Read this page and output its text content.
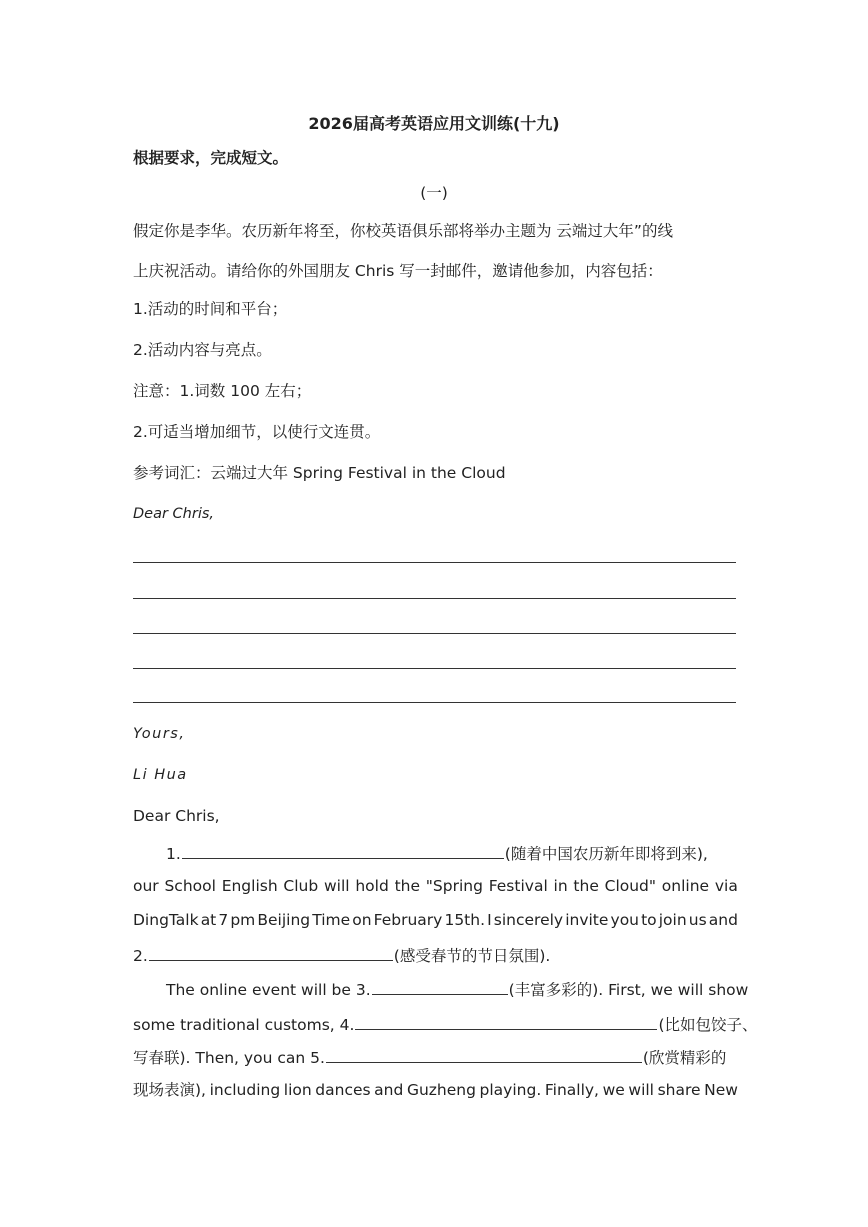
2026届高考英语应用文训练(十九)
根据要求，完成短文。
(一)
假定你是李华。农历新年将至，你校英语俱乐部将举办主题为 云端过大年”的线
上庆祝活动。请给你的外国朋友 Chris 写一封邮件，邀请他参加，内容包括：
1.活动的时间和平台；
2.活动内容与亮点。
注意：1.词数 100 左右；
2.可适当增加细节，以使行文连贯。
参考词汇：云端过大年 Spring Festival in the Cloud
Dear Chris,
Yours,
Li Hua
Dear Chris,
1.	(随着中国农历新年即将到来),
our School English Club will hold the "Spring Festival in the Cloud" online via
DingTalk at 7 pm Beijing Time on February 15th. I sincerely invite you to join us and
2.	(感受春节的节日氛围).
The online event will be 3.	(丰富多彩的). First, we will show
some traditional customs, 4.	(比如包饺子、
写春联). Then, you can 5.	(欣赏精彩的
现场表演), including lion dances and Guzheng playing. Finally, we will share New
